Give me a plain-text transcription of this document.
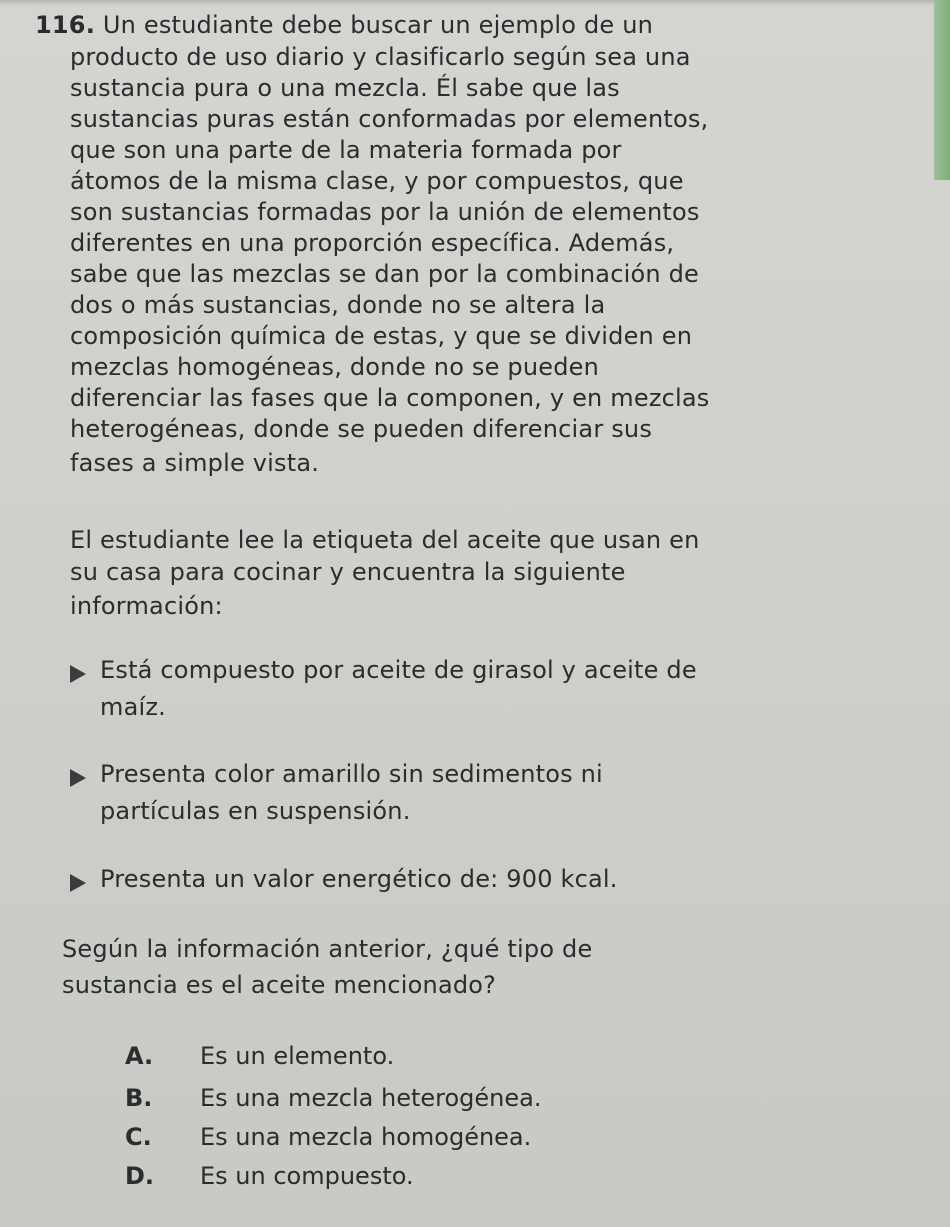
116. Un estudiante debe buscar un ejemplo de un
producto de uso diario y clasificarlo según sea una
sustancia pura o una mezcla. Él sabe que las
sustancias puras están conformadas por elementos,
que son una parte de la materia formada por
átomos de la misma clase, y por compuestos, que
son sustancias formadas por la unión de elementos
diferentes en una proporción específica. Además,
sabe que las mezclas se dan por la combinación de
dos o más sustancias, donde no se altera la
composición química de estas, y que se dividen en
mezclas homogéneas, donde no se pueden
diferenciar las fases que la componen, y en mezclas
heterogéneas, donde se pueden diferenciar sus
fases a simple vista.
El estudiante lee la etiqueta del aceite que usan en
su casa para cocinar y encuentra la siguiente
información:
Está compuesto por aceite de girasol y aceite de
maíz.
Presenta color amarillo sin sedimentos ni
partículas en suspensión.
Presenta un valor energético de: 900 kcal.
Según la información anterior, ¿qué tipo de
sustancia es el aceite mencionado?
A. Es un elemento.
B. Es una mezcla heterogénea.
C. Es una mezcla homogénea.
D. Es un compuesto.
